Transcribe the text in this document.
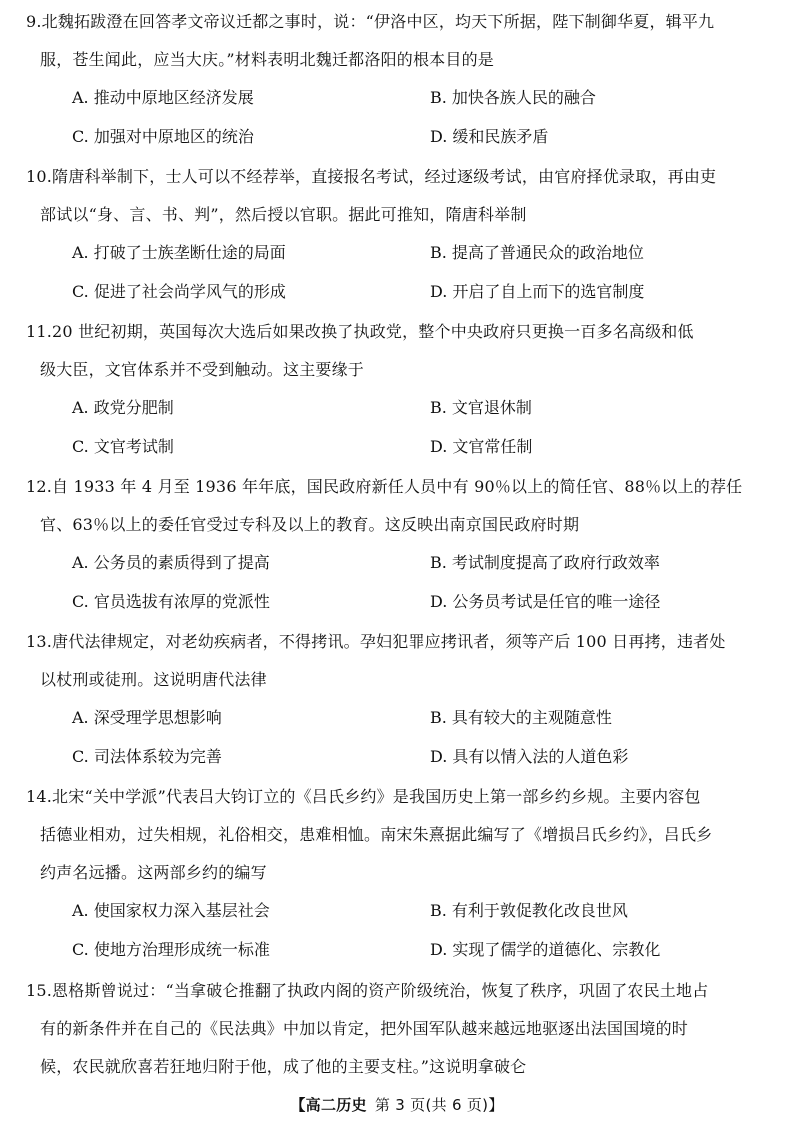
9.北魏拓跋澄在回答孝文帝议迁都之事时，说：“伊洛中区，均天下所据，陛下制御华夏，辑平九
服，苍生闻此，应当大庆。”材料表明北魏迁都洛阳的根本目的是
A. 推动中原地区经济发展	B. 加快各族人民的融合
C. 加强对中原地区的统治	D. 缓和民族矛盾
10.隋唐科举制下，士人可以不经荐举，直接报名考试，经过逐级考试，由官府择优录取，再由吏
部试以“身、言、书、判”，然后授以官职。据此可推知，隋唐科举制
A. 打破了士族垄断仕途的局面	B. 提高了普通民众的政治地位
C. 促进了社会尚学风气的形成	D. 开启了自上而下的选官制度
11.20 世纪初期，英国每次大选后如果改换了执政党，整个中央政府只更换一百多名高级和低
级大臣，文官体系并不受到触动。这主要缘于
A. 政党分肥制	B. 文官退休制
C. 文官考试制	D. 文官常任制
12.自 1933 年 4 月至 1936 年年底，国民政府新任人员中有 90％以上的简任官、88％以上的荐任
官、63％以上的委任官受过专科及以上的教育。这反映出南京国民政府时期
A. 公务员的素质得到了提高	B. 考试制度提高了政府行政效率
C. 官员选拔有浓厚的党派性	D. 公务员考试是任官的唯一途径
13.唐代法律规定，对老幼疾病者，不得拷讯。孕妇犯罪应拷讯者，须等产后 100 日再拷，违者处
以杖刑或徒刑。这说明唐代法律
A. 深受理学思想影响	B. 具有较大的主观随意性
C. 司法体系较为完善	D. 具有以情入法的人道色彩
14.北宋“关中学派”代表吕大钧订立的《吕氏乡约》是我国历史上第一部乡约乡规。主要内容包
括德业相劝，过失相规，礼俗相交，患难相恤。南宋朱熹据此编写了《增损吕氏乡约》，吕氏乡
约声名远播。这两部乡约的编写
A. 使国家权力深入基层社会	B. 有利于敦促教化改良世风
C. 使地方治理形成统一标准	D. 实现了儒学的道德化、宗教化
15.恩格斯曾说过：“当拿破仑推翻了执政内阁的资产阶级统治，恢复了秩序，巩固了农民土地占
有的新条件并在自己的《民法典》中加以肯定，把外国军队越来越远地驱逐出法国国境的时
候，农民就欣喜若狂地归附于他，成了他的主要支柱。”这说明拿破仑
【高二历史 第 3 页(共 6 页)】
